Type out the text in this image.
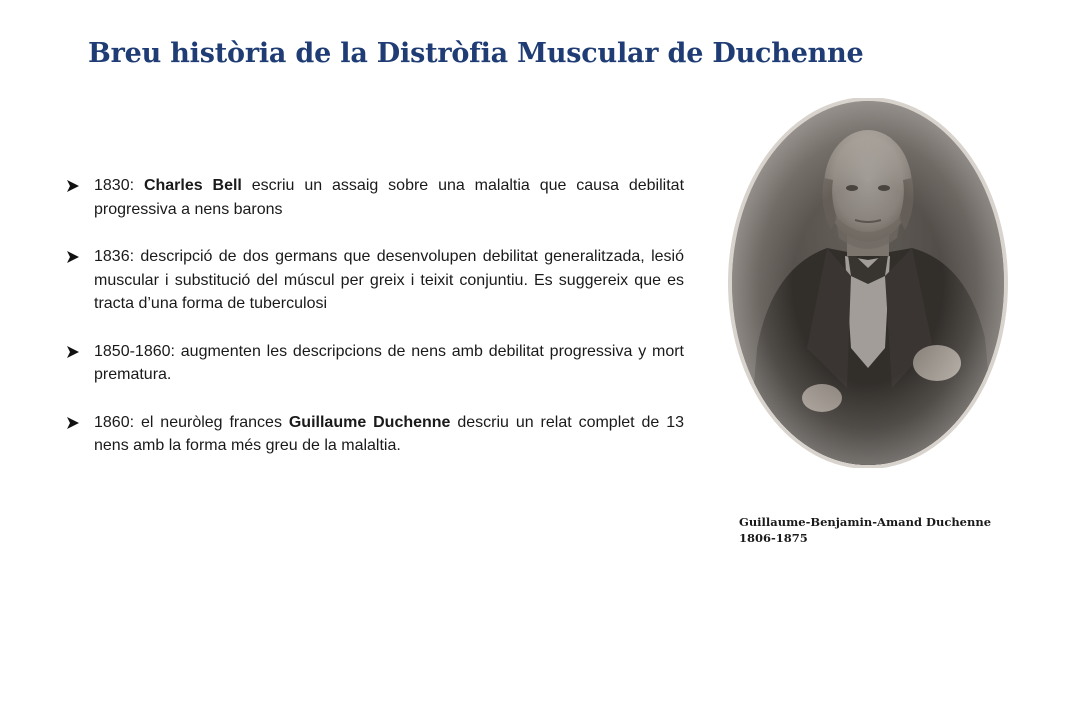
Breu història de la Distròfia Muscular de Duchenne
1830: Charles Bell escriu un assaig sobre una malaltia que causa debilitat progressiva a nens barons
1836: descripció de dos germans que desenvolupen debilitat generalitzada, lesió muscular i substitució del múscul per greix i teixit conjuntiu. Es suggereix que es tracta d’una forma de tuberculosi
1850-1860: augmenten les descripcions de nens amb debilitat progressiva y mort prematura.
1860: el neuròleg frances Guillaume Duchenne descriu un relat complet de 13 nens amb la forma més greu de la malaltia.
Guillaume-Benjamin-Amand Duchenne
1806-1875
